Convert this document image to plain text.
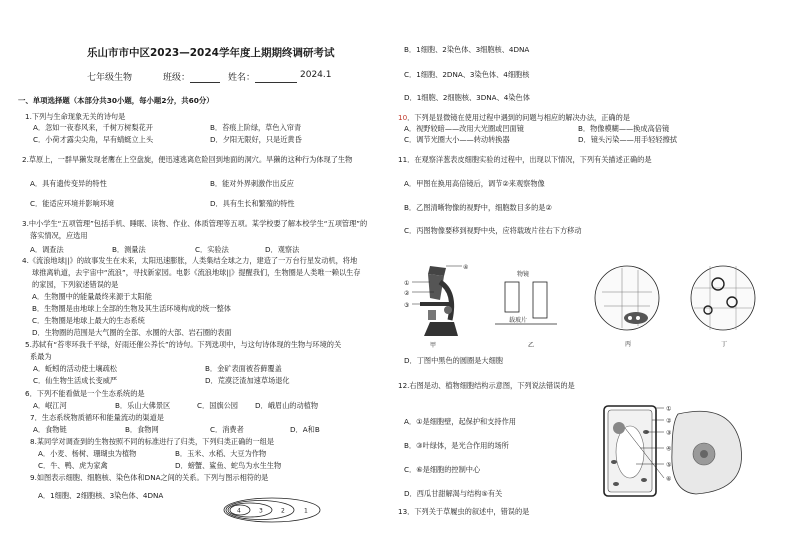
乐山市市中区2023—2024学年度上期期终调研考试
七年级生物	班级：	姓名：	2024.1
一、单项选择题（本部分共30小题，每小题2分，共60分）
1.下列与生命现象无关的诗句是
A．忽如一夜春风来，千树万树梨花开	B．苔痕上阶绿，草色入帘青
C．小荷才露尖尖角，早有蜻蜓立上头	D．夕阳无限好，只是近黄昏
2.草原上，一群旱獭发现老鹰在上空盘旋，便迅速逃离危险回到地面的洞穴。旱獭的这种行为体现了生物
A．具有遗传变异的特性	B．能对外界刺激作出反应
C．能适应环境并影响环境	D．具有生长和繁殖的特性
3.中小学生“五项管理”包括手机、睡眠、读物、作业、体质管理等五项。某学校要了解本校学生“五项管理”的
落实情况，应选用
A．调查法	B．测量法	C．实验法	D．观察法
4.《流浪地球||》的故事发生在未来，太阳迅速膨胀，人类集结全球之力，建造了一万台行星发动机，将地
球推离轨道，去宇宙中“流浪”，寻找新家园。电影《流浪地球||》提醒我们，生物圈是人类唯一赖以生存
的家园，下列叙述错误的是
A．生物圈中的能量最终来源于太阳能
B．生物圈是由地球上全部的生物及其生活环境构成的统一整体
C．生物圈是地球上最大的生态系统
D．生物圈的范围是大气圈的全部、水圈的大部、岩石圈的表面
5.苏轼有“苔枣环我千平绿，好雨还催公养长”的诗句。下列选项中，与这句诗体现的生物与环境的关
系最为
A．蚯蚓的活动使土壤疏松	B．金矿表面被苔藓覆盖
C．仙生物生活成长变威严	D．荒漠泛渣加速草场退化
6．下列不能看做是一个生态系统的是
A．岷江河	B．乐山大佛景区	C．国旗公园 D．峨眉山的动植物
7．生态系统物质循环和能量流动的渠道是
A．食物链	B．食物网	C．消费者	D．A和B
8.某同学对调查到的生物按照不同的标准进行了归类，下列归类正确的一组是
A．小麦、杨树、珊瑚虫为植物	B．玉米、水稻、大豆为作物
C．牛、鸭、虎为家禽	D．螃蟹、鲨鱼、蛇鸟为水生生物
9.如图表示细胞、细胞核、染色体和DNA之间的关系。下列与图示相符的是
A．1细胞、2细胞核、3染色体、4DNA
4	3	2	1
B．1细胞、2染色体、3细胞核、4DNA
C．1细胞、2DNA、3染色体、4细胞核
D．1细胞、2细胞核、3DNA、4染色体
10．下列是显微镜在使用过程中遇到的问题与相应的解决办法，正确的是
A．视野较暗——改用大光圈或凹面镜	B．物像模糊——换成高倍镜
C．调节光圈大小——转动转换器	D．镜头污染——用手轻轻擦拭
11．在观察洋葱表皮细胞实验的过程中，出现以下情况，下列有关描述正确的是
A．甲图在换用高倍镜后，调节②来观察物像
B．乙图清晰物像的视野中，细胞数目多的是②
C．丙图物像要移到视野中央，应将载玻片往右下方移动
①
②
③
④
甲
物镜
载玻片
乙	丙	丁
D．丁图中黑色的圆圈是大细胞
12.右图是动、植物细胞结构示意图，下列说法错误的是
A．①是细胞壁，起保护和支持作用
B．③叶绿体，是光合作用的场所
C．⑥是细胞的控制中心
D．西瓜甘甜解渴与结构⑤有关
13．下列关于草履虫的叙述中，错误的是
①
②
③
④
⑤
⑥
